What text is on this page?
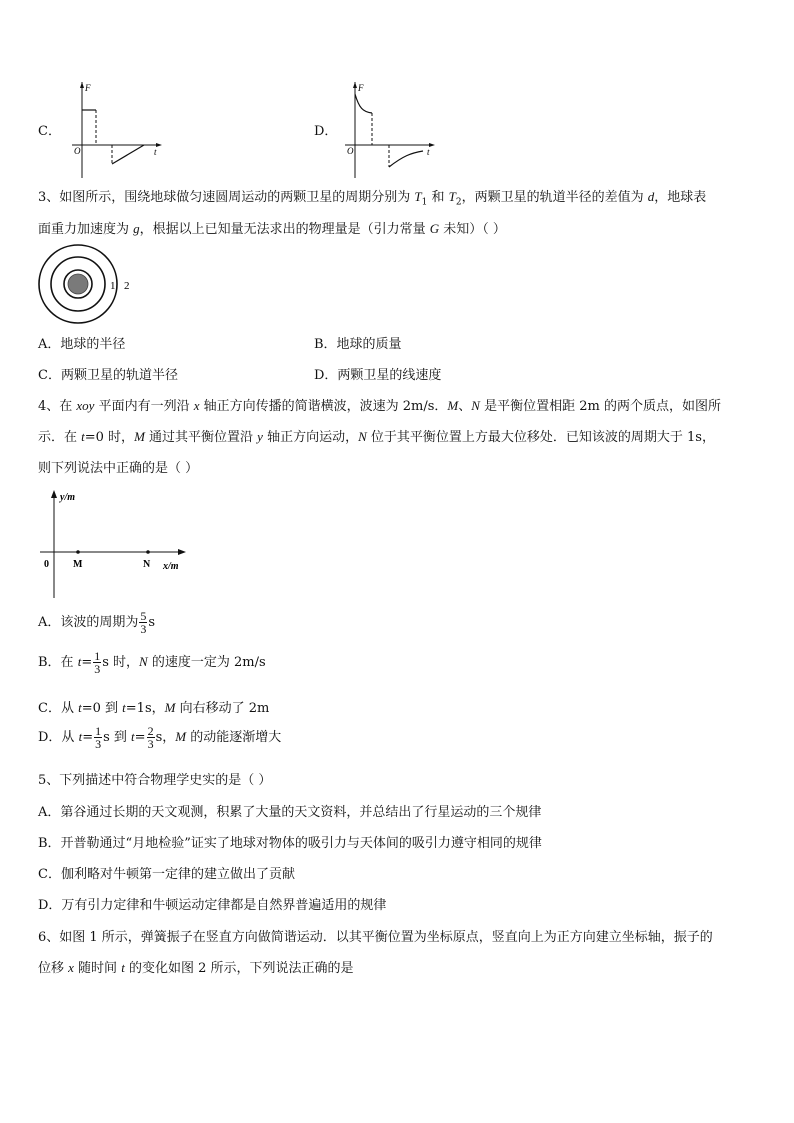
C．
F
t
O
D．
F
t
O
3、如图所示，围绕地球做匀速圆周运动的两颗卫星的周期分别为 $T_1$ 和 $T_2$，两颗卫星的轨道半径的差值为 d，地球表
面重力加速度为 g，根据以上已知量无法求出的物理量是（引力常量 G 未知）（ ）
1 2
A．地球的半径	B．地球的质量
C．两颗卫星的轨道半径	D．两颗卫星的线速度
4、在 xoy 平面内有一列沿 x 轴正方向传播的简谐横波，波速为 2m/s．M、N 是平衡位置相距 2m 的两个质点，如图所
示．在 t=0 时，M 通过其平衡位置沿 y 轴正方向运动，N 位于其平衡位置上方最大位移处．已知该波的周期大于 1s，
则下列说法中正确的是（ ）
y/m
x/m
0 M	N
A．该波的周期为 $\frac{5}{3}$ s
B．在 $t= \frac{1}{3}$ s 时，N 的速度一定为 2m/s
C．从 t=0 到 t=1s，M 向右移动了 2m
D．从 $t= \frac{1}{3}$ s 到 $t= \frac{2}{3}$ s，M 的动能逐渐增大
5、下列描述中符合物理学史实的是（ ）
A．第谷通过长期的天文观测，积累了大量的天文资料，并总结出了行星运动的三个规律
B．开普勒通过“月地检验”证实了地球对物体的吸引力与天体间的吸引力遵守相同的规律
C．伽利略对牛顿第一定律的建立做出了贡献
D．万有引力定律和牛顿运动定律都是自然界普遍适用的规律
6、如图 1 所示，弹簧振子在竖直方向做简谐运动．以其平衡位置为坐标原点，竖直向上为正方向建立坐标轴，振子的
位移 x 随时间 t 的变化如图 2 所示，下列说法正确的是
